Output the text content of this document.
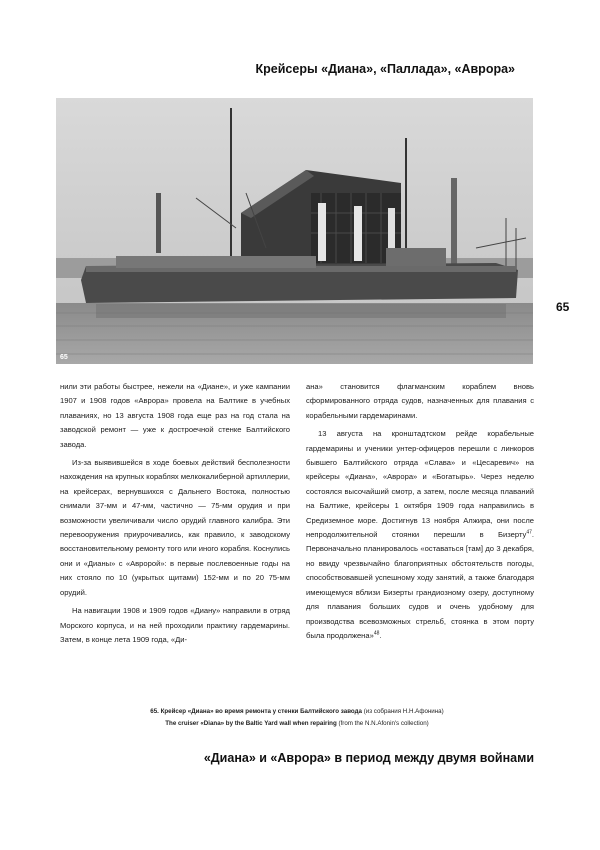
Крейсеры «Диана», «Паллада», «Аврора»
65
65

нили эти работы быстрее, нежели на «Диане», и уже кампании 1907 и 1908 годов «Аврора» провела на Балтике в учебных плаваниях, но 13 августа 1908 года еще раз на год стала на заводской ремонт — уже к достроечной стенке Балтийского завода.

Из-за выявившейся в ходе боевых действий бесполезности нахождения на крупных кораблях мелкокалиберной артиллерии, на крейсерах, вернувшихся с Дальнего Востока, полностью снимали 37-мм и 47-мм, частично — 75-мм орудия и при возможности увеличивали число орудий главного калибра. Эти перевооружения приурочивались, как правило, к заводскому восстановительному ремонту того или иного корабля. Коснулись они и «Дианы» с «Авророй»: в первые послевоенные годы на них стояло по 10 (укрытых щитами) 152-мм и по 20 75-мм орудий.

На навигации 1908 и 1909 годов «Диану» направили в отряд Морского корпуса, и на ней проходили практику гардемарины. Затем, в конце лета 1909 года, «Ди-

ана» становится флагманским кораблем вновь сформированного отряда судов, назначенных для плавания с корабельными гардемаринами.

13 августа на кронштадтском рейде корабельные гардемарины и ученики унтер-офицеров перешли с линкоров бывшего Балтийского отряда «Слава» и «Цесаревич» на крейсеры «Диана», «Аврора» и «Богатырь». Через неделю состоялся высочайший смотр, а затем, после месяца плаваний на Балтике, крейсеры 1 октября 1909 года направились в Средиземное море. Достигнув 13 ноября Алжира, они после непродолжительной стоянки перешли в Бизерту$^{47}$. Первоначально планировалось «оставаться [там] до 3 декабря, но ввиду чрезвычайно благоприятных обстоятельств погоды, способствовавшей успешному ходу занятий, а также благодаря имеющемуся вблизи Бизерты грандиозному озеру, доступному для плавания больших судов и очень удобному для производства всевозможных стрельб, стоянка в этом порту была продолжена»$^{48}$.

65. Крейсер «Диана» во время ремонта у стенки Балтийского завода (из собрания Н.Н.Афонина)
The cruiser «Diana» by the Baltic Yard wall when repairing (from the N.N.Afonin's collection)
«Диана» и «Аврора» в период между двумя войнами
